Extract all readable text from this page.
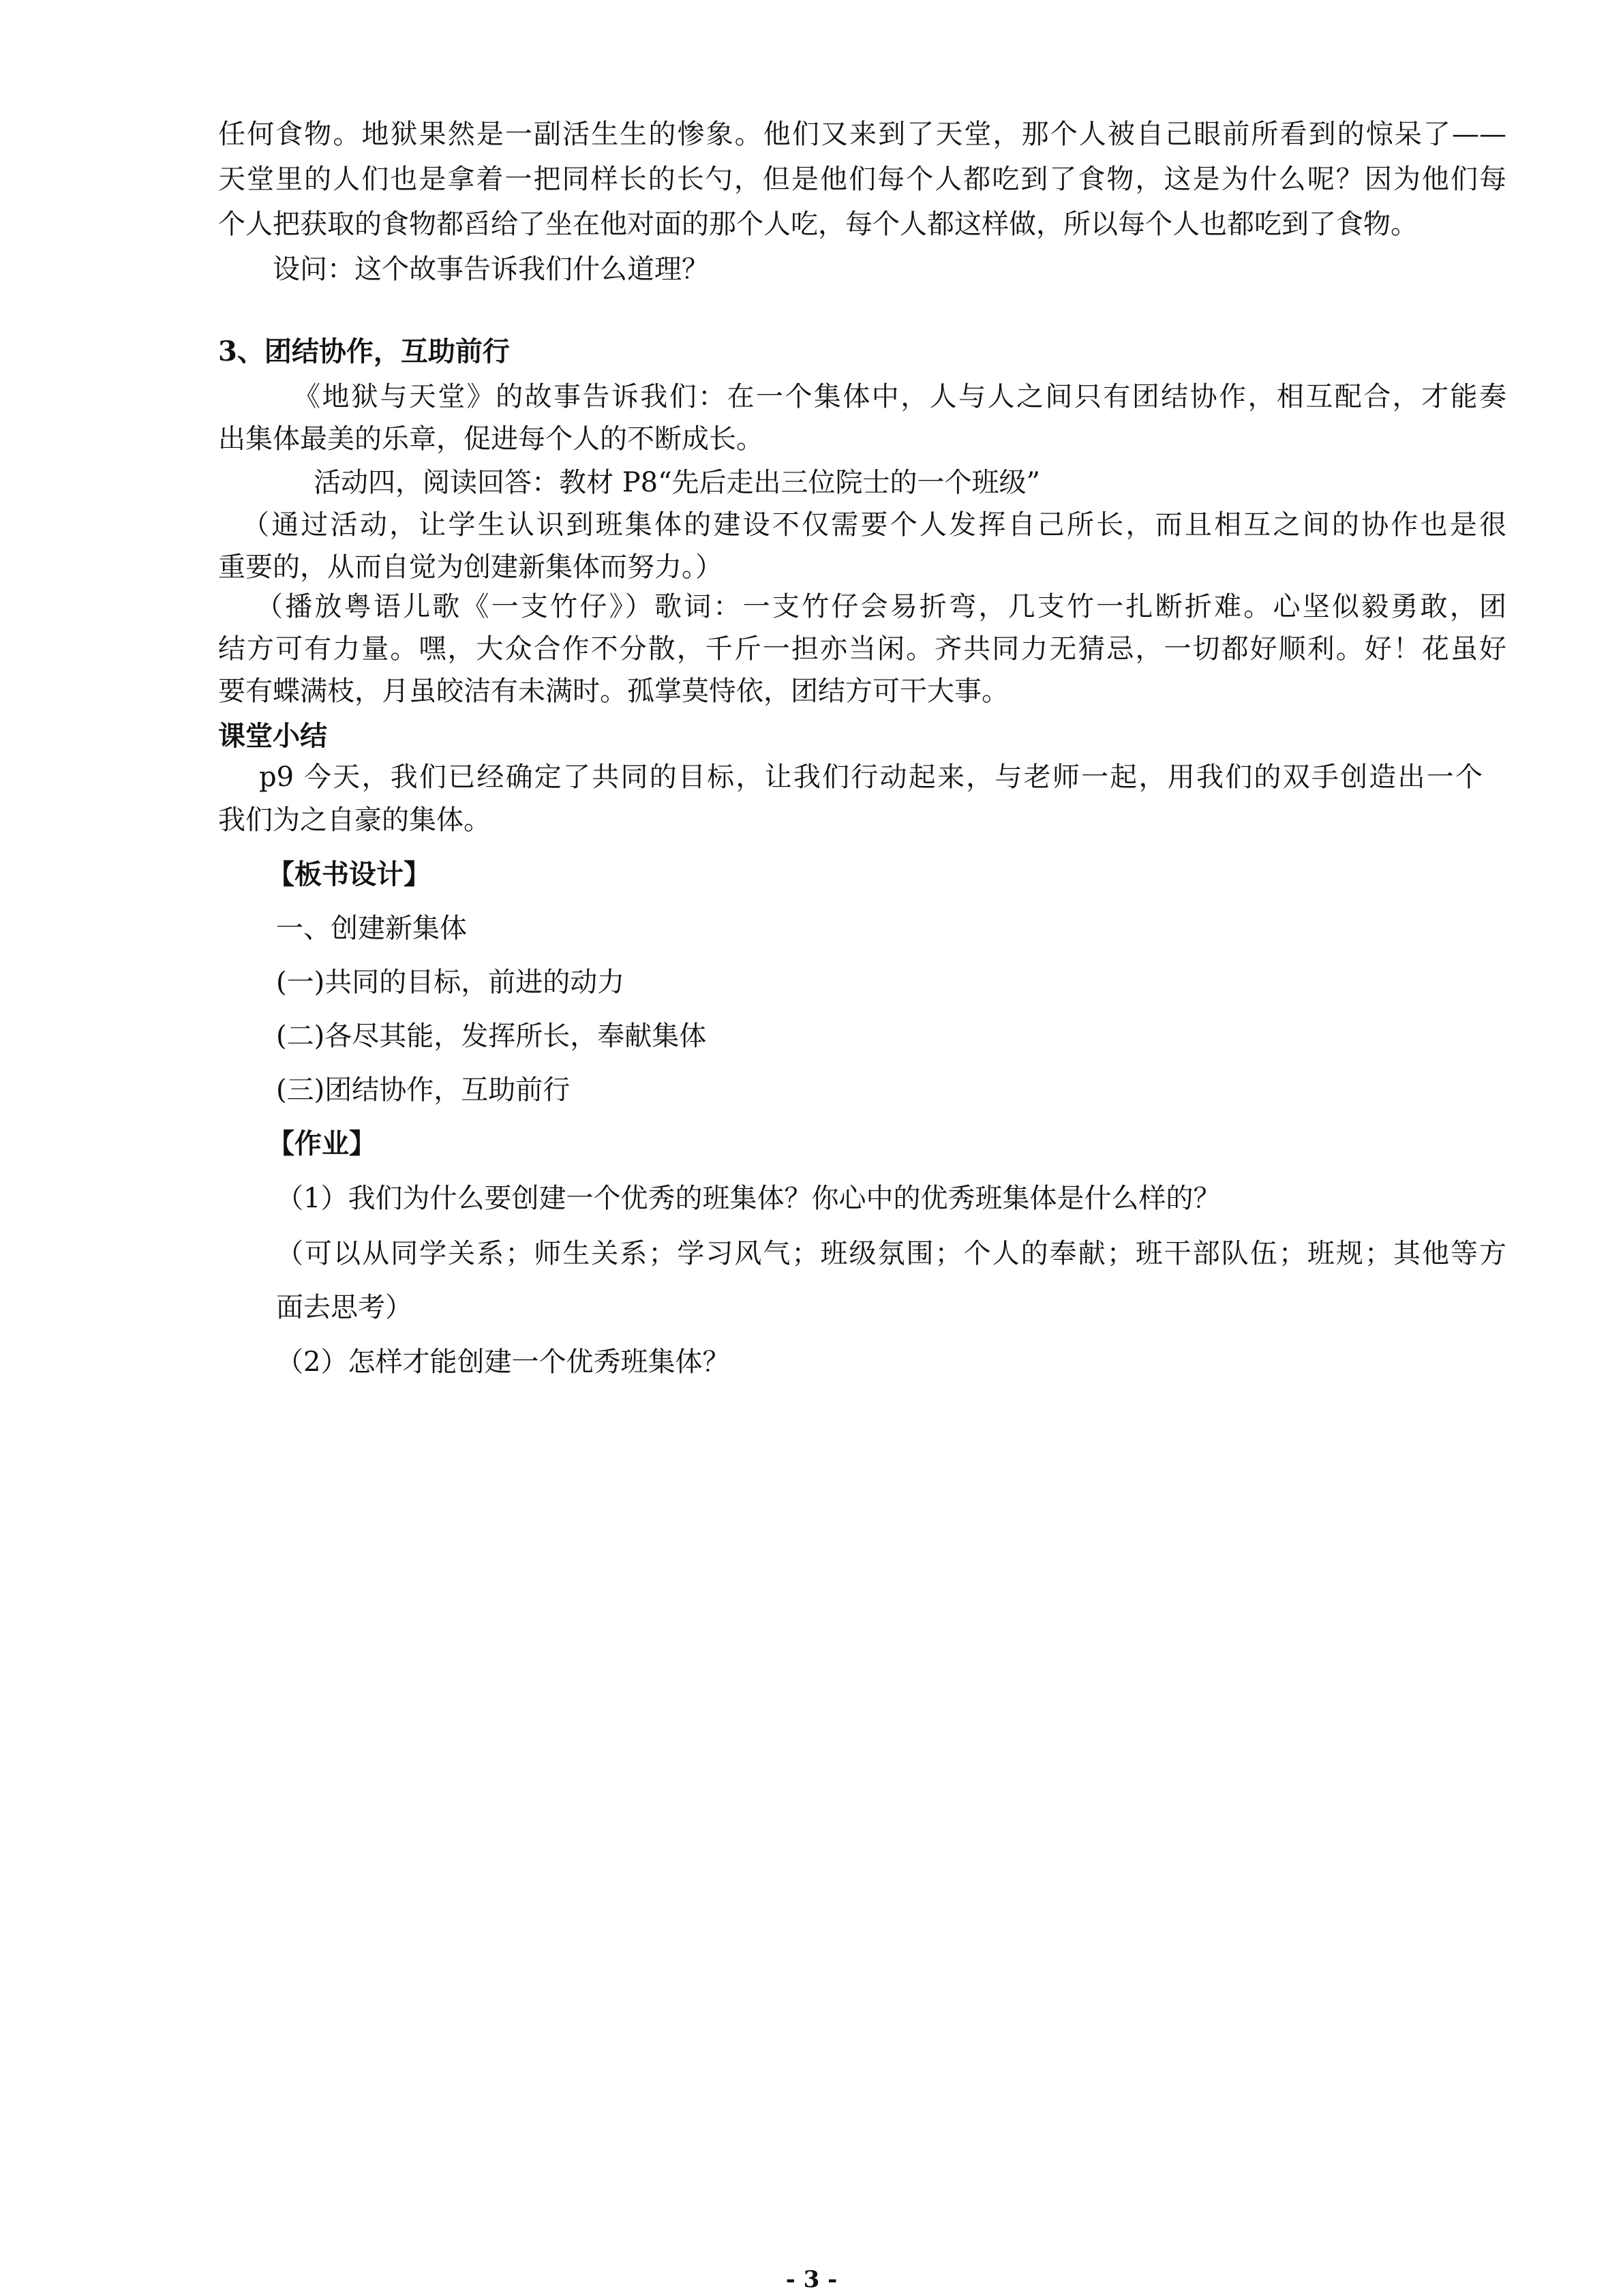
任何食物。地狱果然是一副活生生的惨象。他们又来到了天堂，那个人被自己眼前所看到的惊呆了——
天堂里的人们也是拿着一把同样长的长勺，但是他们每个人都吃到了食物，这是为什么呢？因为他们每
个人把获取的食物都舀给了坐在他对面的那个人吃，每个人都这样做，所以每个人也都吃到了食物。
设问：这个故事告诉我们什么道理？
3、团结协作，互助前行
《地狱与天堂》的故事告诉我们：在一个集体中，人与人之间只有团结协作，相互配合，才能奏
出集体最美的乐章，促进每个人的不断成长。
活动四，阅读回答：教材 P8“先后走出三位院士的一个班级”
（通过活动，让学生认识到班集体的建设不仅需要个人发挥自己所长，而且相互之间的协作也是很
重要的，从而自觉为创建新集体而努力。）
（播放粤语儿歌《一支竹仔》）歌词：一支竹仔会易折弯，几支竹一扎断折难。心坚似毅勇敢，团
结方可有力量。嘿，大众合作不分散，千斤一担亦当闲。齐共同力无猜忌，一切都好顺利。好！花虽好
要有蝶满枝，月虽皎洁有未满时。孤掌莫恃依，团结方可干大事。
课堂小结
p9 今天，我们已经确定了共同的目标，让我们行动起来，与老师一起，用我们的双手创造出一个
我们为之自豪的集体。
【板书设计】
一、创建新集体
(一)共同的目标，前进的动力
(二)各尽其能，发挥所长，奉献集体
(三)团结协作，互助前行
【作业】
（1）我们为什么要创建一个优秀的班集体？你心中的优秀班集体是什么样的？
（可以从同学关系；师生关系；学习风气；班级氛围；个人的奉献；班干部队伍；班规；其他等方
面去思考）
（2）怎样才能创建一个优秀班集体？
- 3 -
